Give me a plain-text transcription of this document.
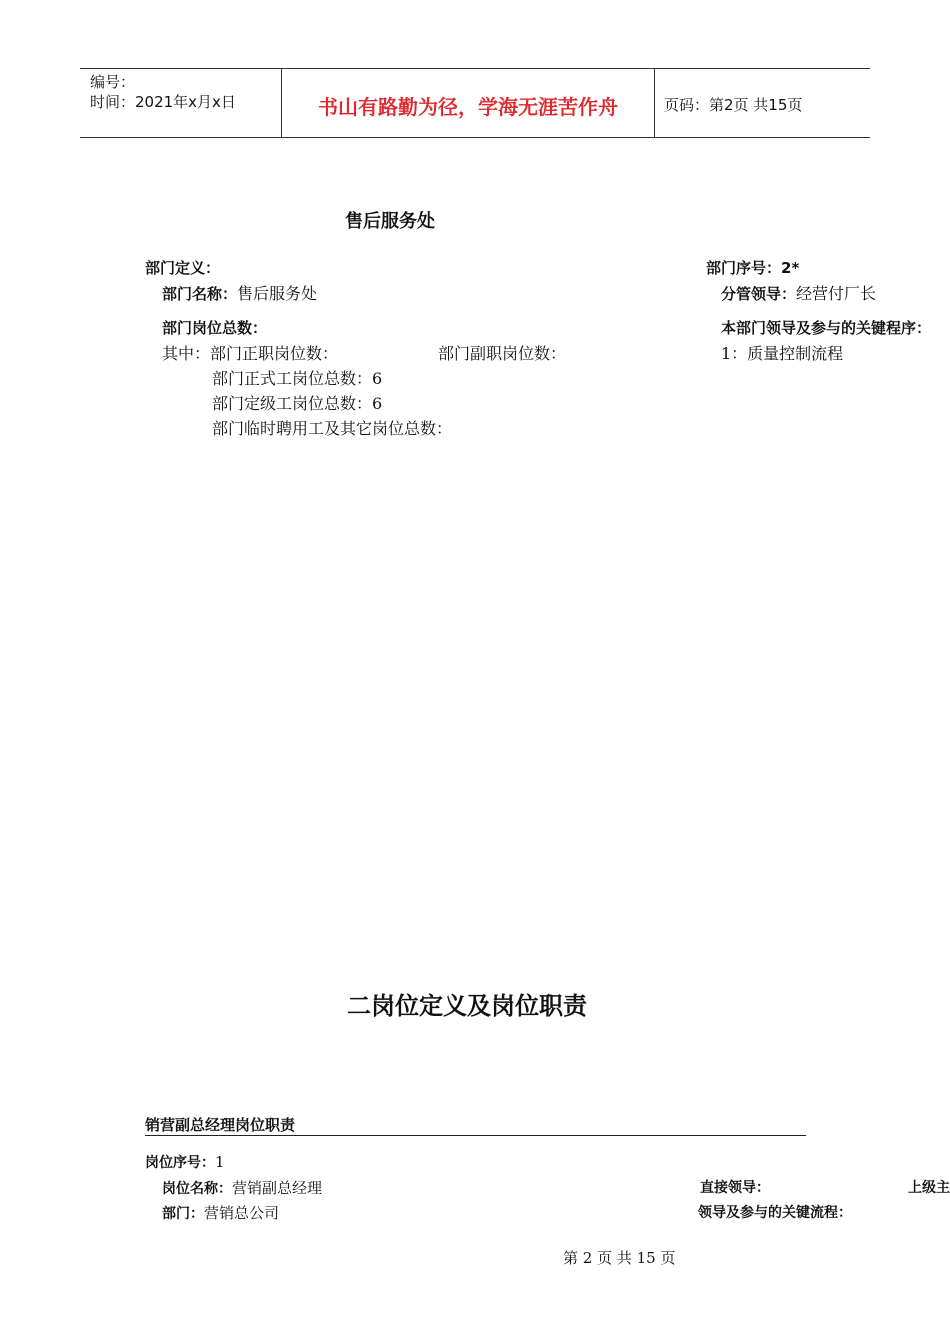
编号：
时间：2021年x月x日	书山有路勤为径，学海无涯苦作舟	页码：第2页 共15页
售后服务处
部门定义：	部门序号：2*
部门名称：售后服务处	分管领导：经营付厂长
部门岗位总数：	本部门领导及参与的关键程序：
其中：部门正职岗位数：	部门副职岗位数：	1：质量控制流程
部门正式工岗位总数：6
部门定级工岗位总数：6
部门临时聘用工及其它岗位总数：
二岗位定义及岗位职责
销营副总经理岗位职责
岗位序号：1
岗位名称：营销副总经理	直接领导：	上级主
部门：营销总公司	领导及参与的关键流程：
第 2 页 共 15 页
